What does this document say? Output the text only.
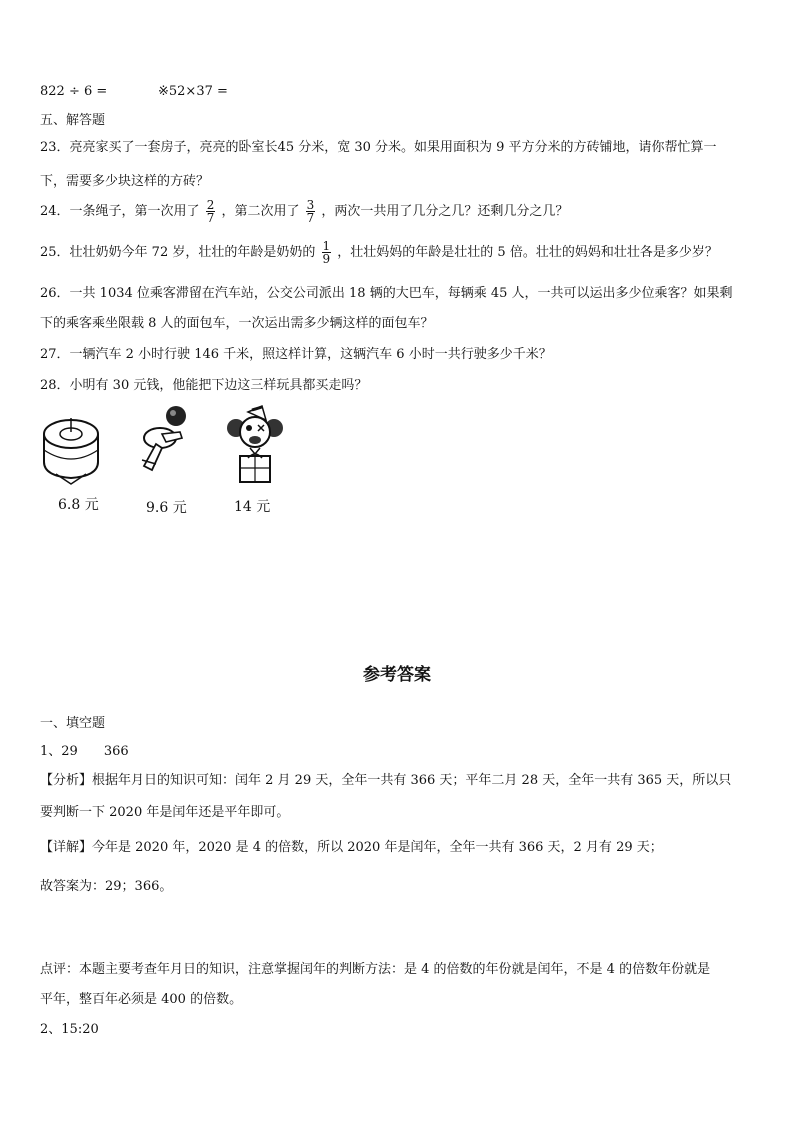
822 ÷ 6 =	※52×37 =
五、解答题
23．亮亮家买了一套房子，亮亮的卧室长45 分米，宽 30 分米。如果用面积为 9 平方分米的方砖铺地，请你帮忙算一
下，需要多少块这样的方砖？
24．一条绳子，第一次用了 $\frac{2}{7}$ ，第二次用了 $\frac{3}{7}$ ，两次一共用了几分之几？还剩几分之几？
25．壮壮奶奶今年 72 岁，壮壮的年龄是奶奶的 $\frac{1}{9}$ ，壮壮妈妈的年龄是壮壮的 5 倍。壮壮的妈妈和壮壮各是多少岁？
26．一共 1034 位乘客滞留在汽车站，公交公司派出 18 辆的大巴车，每辆乘 45 人，一共可以运出多少位乘客？如果剩
下的乘客乘坐限载 8 人的面包车，一次运出需多少辆这样的面包车？
27．一辆汽车 2 小时行驶 146 千米，照这样计算，这辆汽车 6 小时一共行驶多少千米？
28．小明有 30 元钱，他能把下边这三样玩具都买走吗？
6.8 元	9.6 元	14 元
参考答案
一、填空题
1、29　　366
【分析】根据年月日的知识可知：闰年 2 月 29 天，全年一共有 366 天；平年二月 28 天，全年一共有 365 天，所以只
要判断一下 2020 年是闰年还是平年即可。
【详解】今年是 2020 年，2020 是 4 的倍数，所以 2020 年是闰年，全年一共有 366 天，2 月有 29 天；
故答案为：29；366。
点评：本题主要考查年月日的知识，注意掌握闰年的判断方法：是 4 的倍数的年份就是闰年，不是 4 的倍数年份就是
平年，整百年必须是 400 的倍数。
2、15:20
